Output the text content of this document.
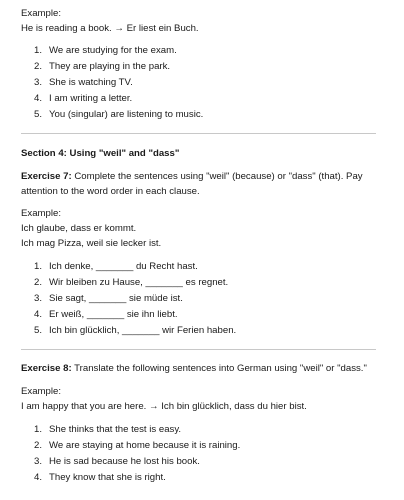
Example:
He is reading a book. → Er liest ein Buch.
1. We are studying for the exam.
2. They are playing in the park.
3. She is watching TV.
4. I am writing a letter.
5. You (singular) are listening to music.
Section 4: Using "weil" and "dass"
Exercise 7: Complete the sentences using "weil" (because) or "dass" (that). Pay attention to the word order in each clause.
Example:
Ich glaube, dass er kommt.
Ich mag Pizza, weil sie lecker ist.
1. Ich denke, _______ du Recht hast.
2. Wir bleiben zu Hause, _______ es regnet.
3. Sie sagt, _______ sie müde ist.
4. Er weiß, _______ sie ihn liebt.
5. Ich bin glücklich, _______ wir Ferien haben.
Exercise 8: Translate the following sentences into German using "weil" or "dass."
Example:
I am happy that you are here. → Ich bin glücklich, dass du hier bist.
1. She thinks that the test is easy.
2. We are staying at home because it is raining.
3. He is sad because he lost his book.
4. They know that she is right.
